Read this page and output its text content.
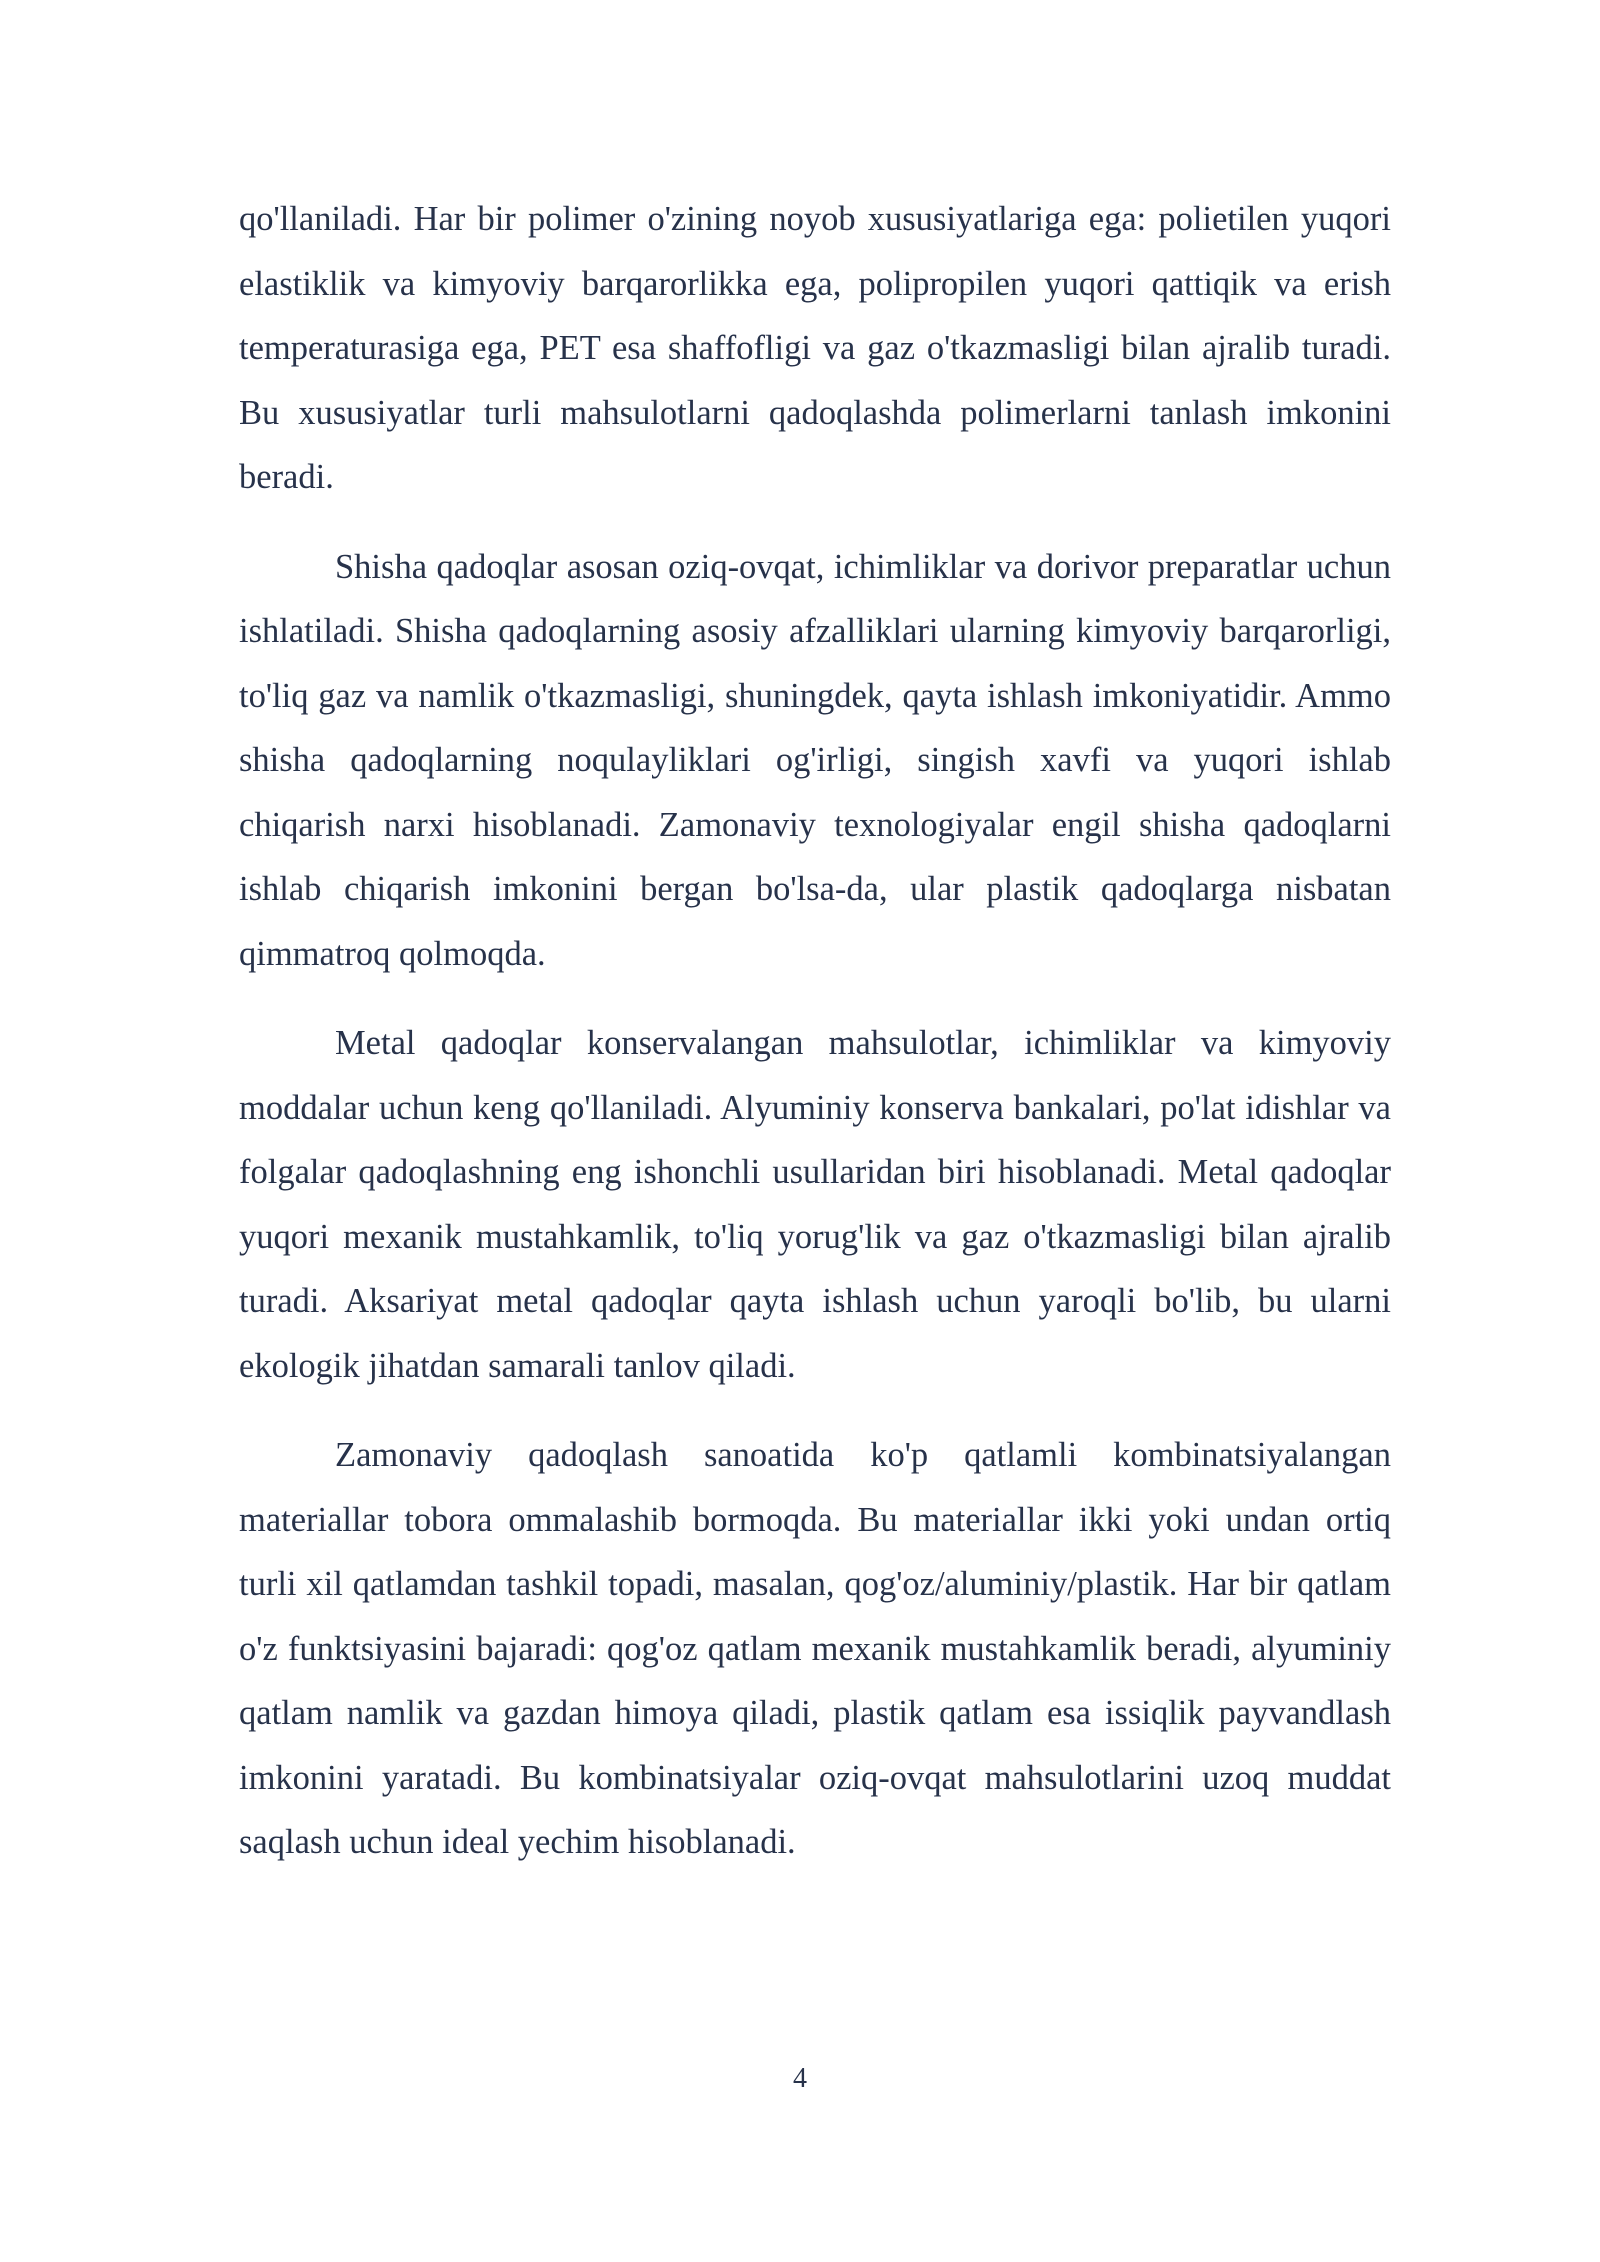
qo'llaniladi. Har bir polimer o'zining noyob xususiyatlariga ega: polietilen yuqori elastiklik va kimyoviy barqarorlikka ega, polipropilen yuqori qattiqik va erish temperaturasiga ega, PET esa shaffofligi va gaz o'tkazmasligi bilan ajralib turadi. Bu xususiyatlar turli mahsulotlarni qadoqlashda polimerlarni tanlash imkonini beradi.

Shisha qadoqlar asosan oziq-ovqat, ichimliklar va dorivor preparatlar uchun ishlatiladi. Shisha qadoqlarning asosiy afzalliklari ularning kimyoviy barqarorligi, to'liq gaz va namlik o'tkazmasligi, shuningdek, qayta ishlash imkoniyatidir. Ammo shisha qadoqlarning noqulayliklari og'irligi, singish xavfi va yuqori ishlab chiqarish narxi hisoblanadi. Zamonaviy texnologiyalar engil shisha qadoqlarni ishlab chiqarish imkonini bergan bo'lsa-da, ular plastik qadoqlarga nisbatan qimmatroq qolmoqda.

Metal qadoqlar konservalangan mahsulotlar, ichimliklar va kimyoviy moddalar uchun keng qo'llaniladi. Alyuminiy konserva bankalari, po'lat idishlar va folgalar qadoqlashning eng ishonchli usullaridan biri hisoblanadi. Metal qadoqlar yuqori mexanik mustahkamlik, to'liq yorug'lik va gaz o'tkazmasligi bilan ajralib turadi. Aksariyat metal qadoqlar qayta ishlash uchun yaroqli bo'lib, bu ularni ekologik jihatdan samarali tanlov qiladi.

Zamonaviy qadoqlash sanoatida ko'p qatlamli kombinatsiyalangan materiallar tobora ommalashib bormoqda. Bu materiallar ikki yoki undan ortiq turli xil qatlamdan tashkil topadi, masalan, qog'oz/aluminiy/plastik. Har bir qatlam o'z funktsiyasini bajaradi: qog'oz qatlam mexanik mustahkamlik beradi, alyuminiy qatlam namlik va gazdan himoya qiladi, plastik qatlam esa issiqlik payvandlash imkonini yaratadi. Bu kombinatsiyalar oziq-ovqat mahsulotlarini uzoq muddat saqlash uchun ideal yechim hisoblanadi.

4
